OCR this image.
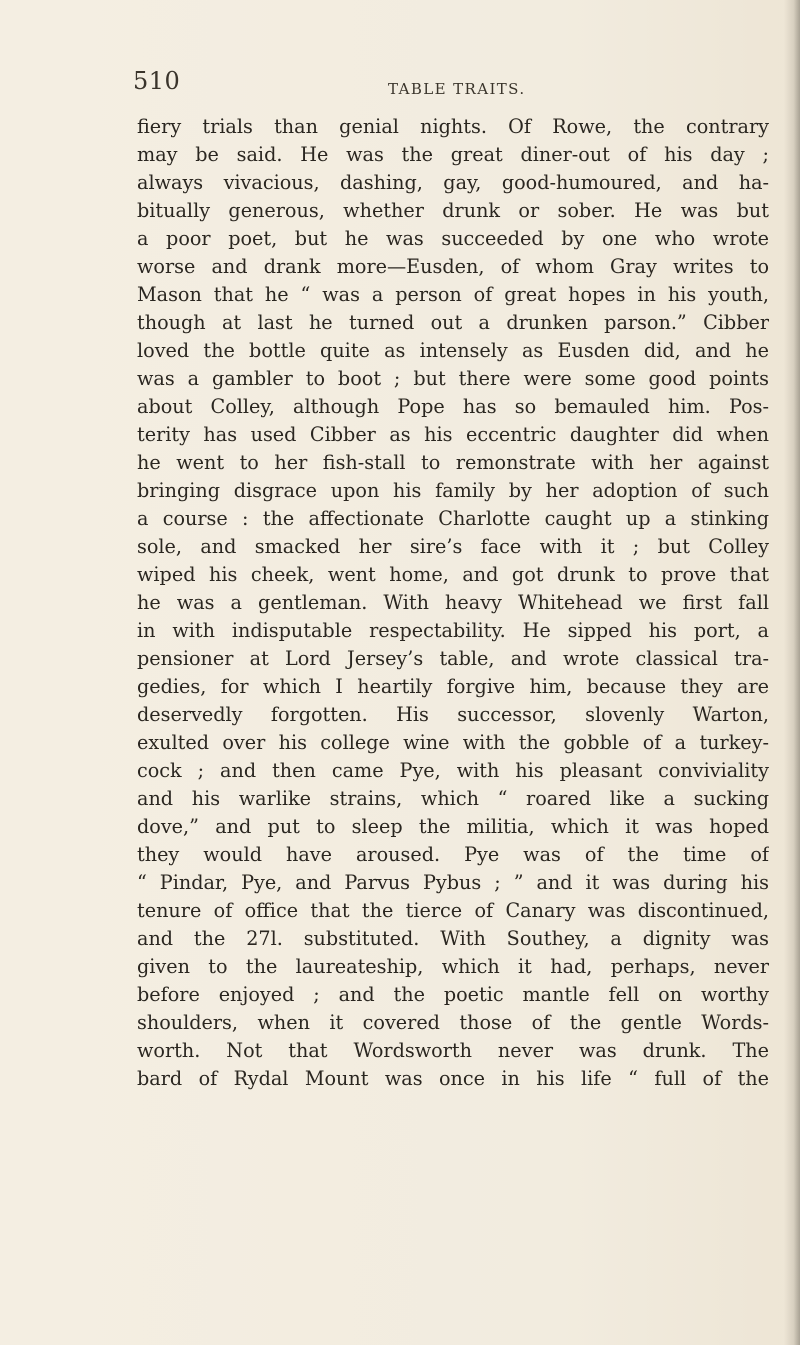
510	TABLE TRAITS.
fiery trials than genial nights. Of Rowe, the contrary
may be said. He was the great diner-out of his day ;
always vivacious, dashing, gay, good-humoured, and ha-
bitually generous, whether drunk or sober. He was but
a poor poet, but he was succeeded by one who wrote
worse and drank more—Eusden, of whom Gray writes to
Mason that he “ was a person of great hopes in his youth,
though at last he turned out a drunken parson.” Cibber
loved the bottle quite as intensely as Eusden did, and he
was a gambler to boot ; but there were some good points
about Colley, although Pope has so bemauled him. Pos-
terity has used Cibber as his eccentric daughter did when
he went to her fish-stall to remonstrate with her against
bringing disgrace upon his family by her adoption of such
a course : the affectionate Charlotte caught up a stinking
sole, and smacked her sire’s face with it ; but Colley
wiped his cheek, went home, and got drunk to prove that
he was a gentleman. With heavy Whitehead we first fall
in with indisputable respectability. He sipped his port, a
pensioner at Lord Jersey’s table, and wrote classical tra-
gedies, for which I heartily forgive him, because they are
deservedly forgotten. His successor, slovenly Warton,
exulted over his college wine with the gobble of a turkey-
cock ; and then came Pye, with his pleasant conviviality
and his warlike strains, which “ roared like a sucking
dove,” and put to sleep the militia, which it was hoped
they would have aroused. Pye was of the time of
“ Pindar, Pye, and Parvus Pybus ; ” and it was during his
tenure of office that the tierce of Canary was discontinued,
and the 27l. substituted. With Southey, a dignity was
given to the laureateship, which it had, perhaps, never
before enjoyed ; and the poetic mantle fell on worthy
shoulders, when it covered those of the gentle Words-
worth. Not that Wordsworth never was drunk. The
bard of Rydal Mount was once in his life “ full of the
